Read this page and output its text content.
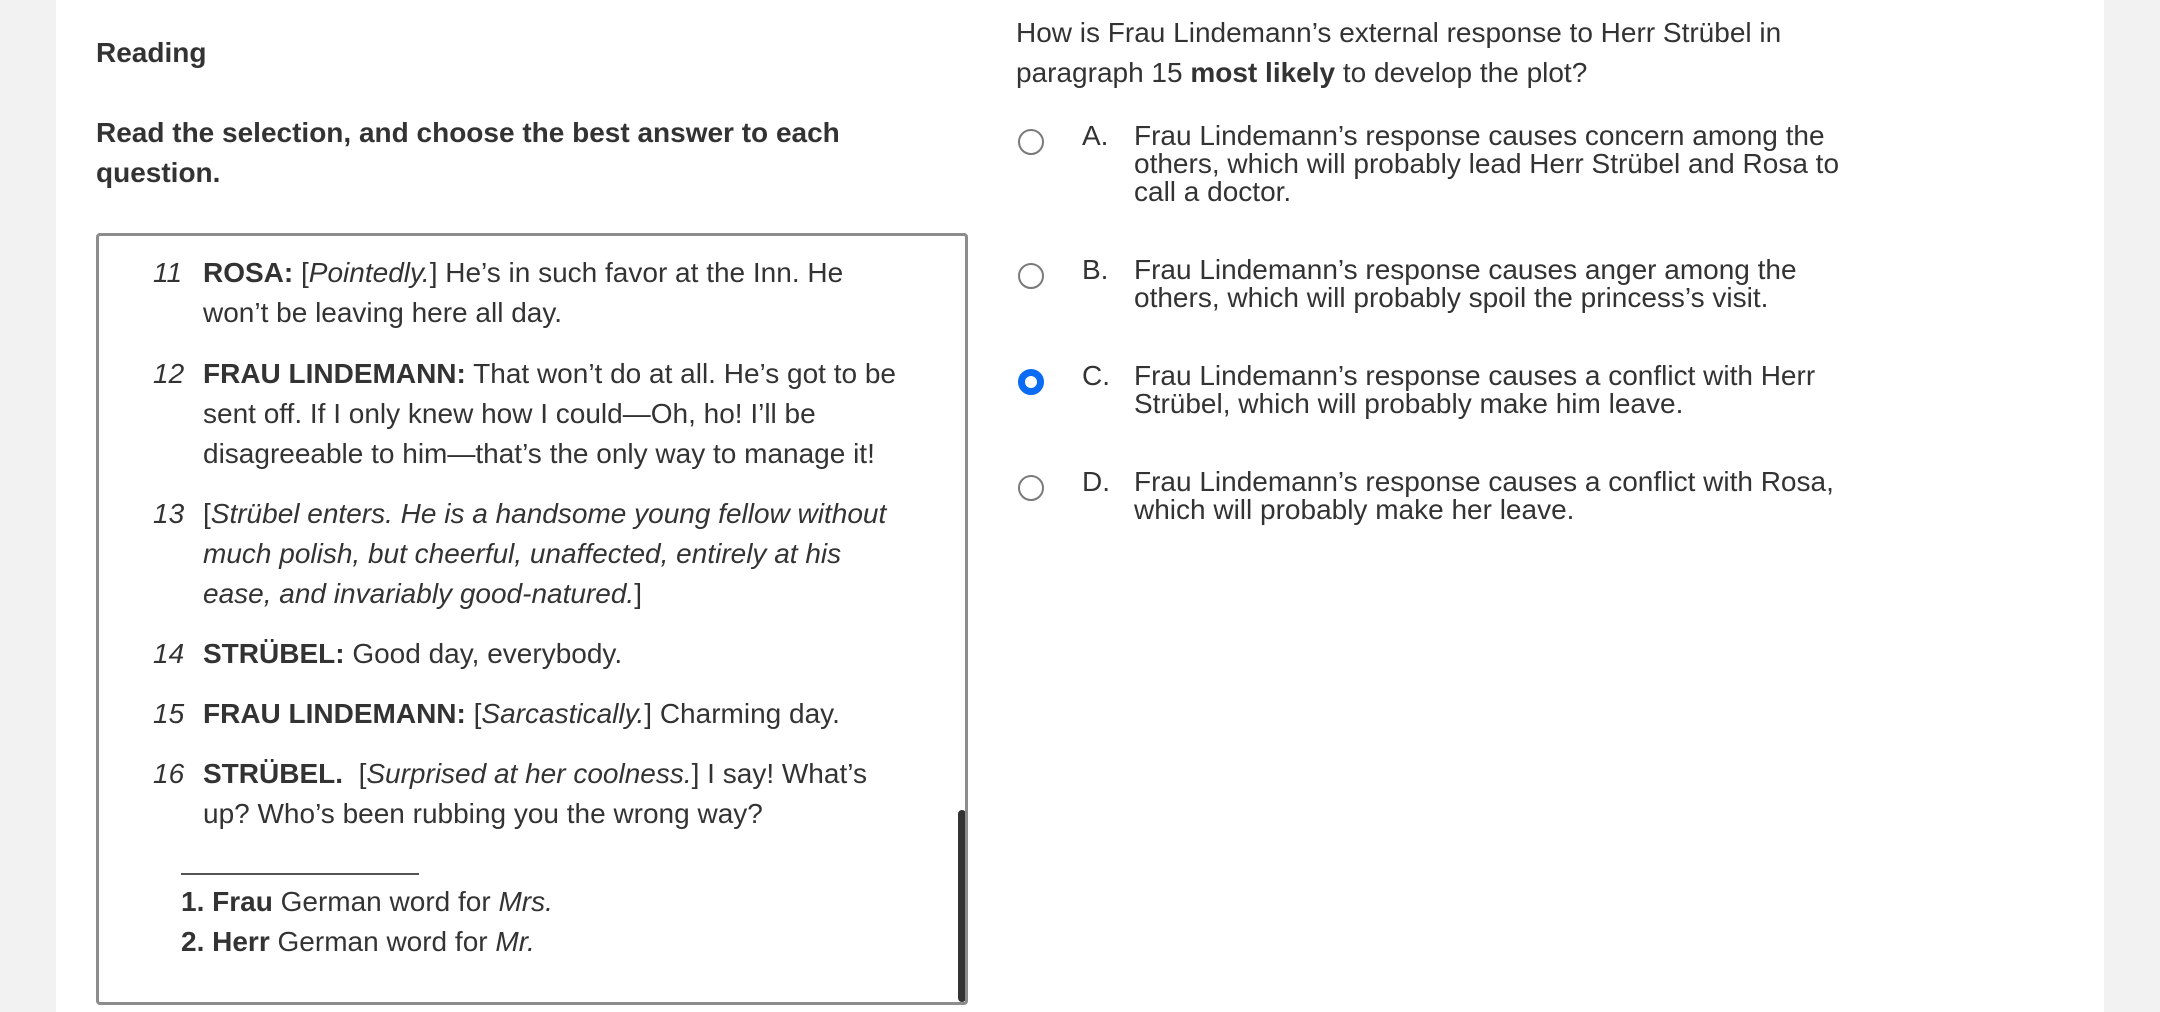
Reading
Read the selection, and choose the best answer to each question.
11 ROSA: [Pointedly.] He’s in such favor at the Inn. He won’t be leaving here all day.
12 FRAU LINDEMANN: That won’t do at all. He’s got to be sent off. If I only knew how I could—Oh, ho! I’ll be disagreeable to him—that’s the only way to manage it!
13 [Strübel enters. He is a handsome young fellow without much polish, but cheerful, unaffected, entirely at his ease, and invariably good-natured.]
14 STRÜBEL: Good day, everybody.
15 FRAU LINDEMANN: [Sarcastically.] Charming day.
16 STRÜBEL. [Surprised at her coolness.] I say! What’s up? Who’s been rubbing you the wrong way?
1. Frau German word for Mrs.
2. Herr German word for Mr.
How is Frau Lindemann’s external response to Herr Strübel in paragraph 15 most likely to develop the plot?
A. Frau Lindemann’s response causes concern among the others, which will probably lead Herr Strübel and Rosa to call a doctor.
B. Frau Lindemann’s response causes anger among the others, which will probably spoil the princess’s visit.
C. Frau Lindemann’s response causes a conflict with Herr Strübel, which will probably make him leave.
D. Frau Lindemann’s response causes a conflict with Rosa, which will probably make her leave.
